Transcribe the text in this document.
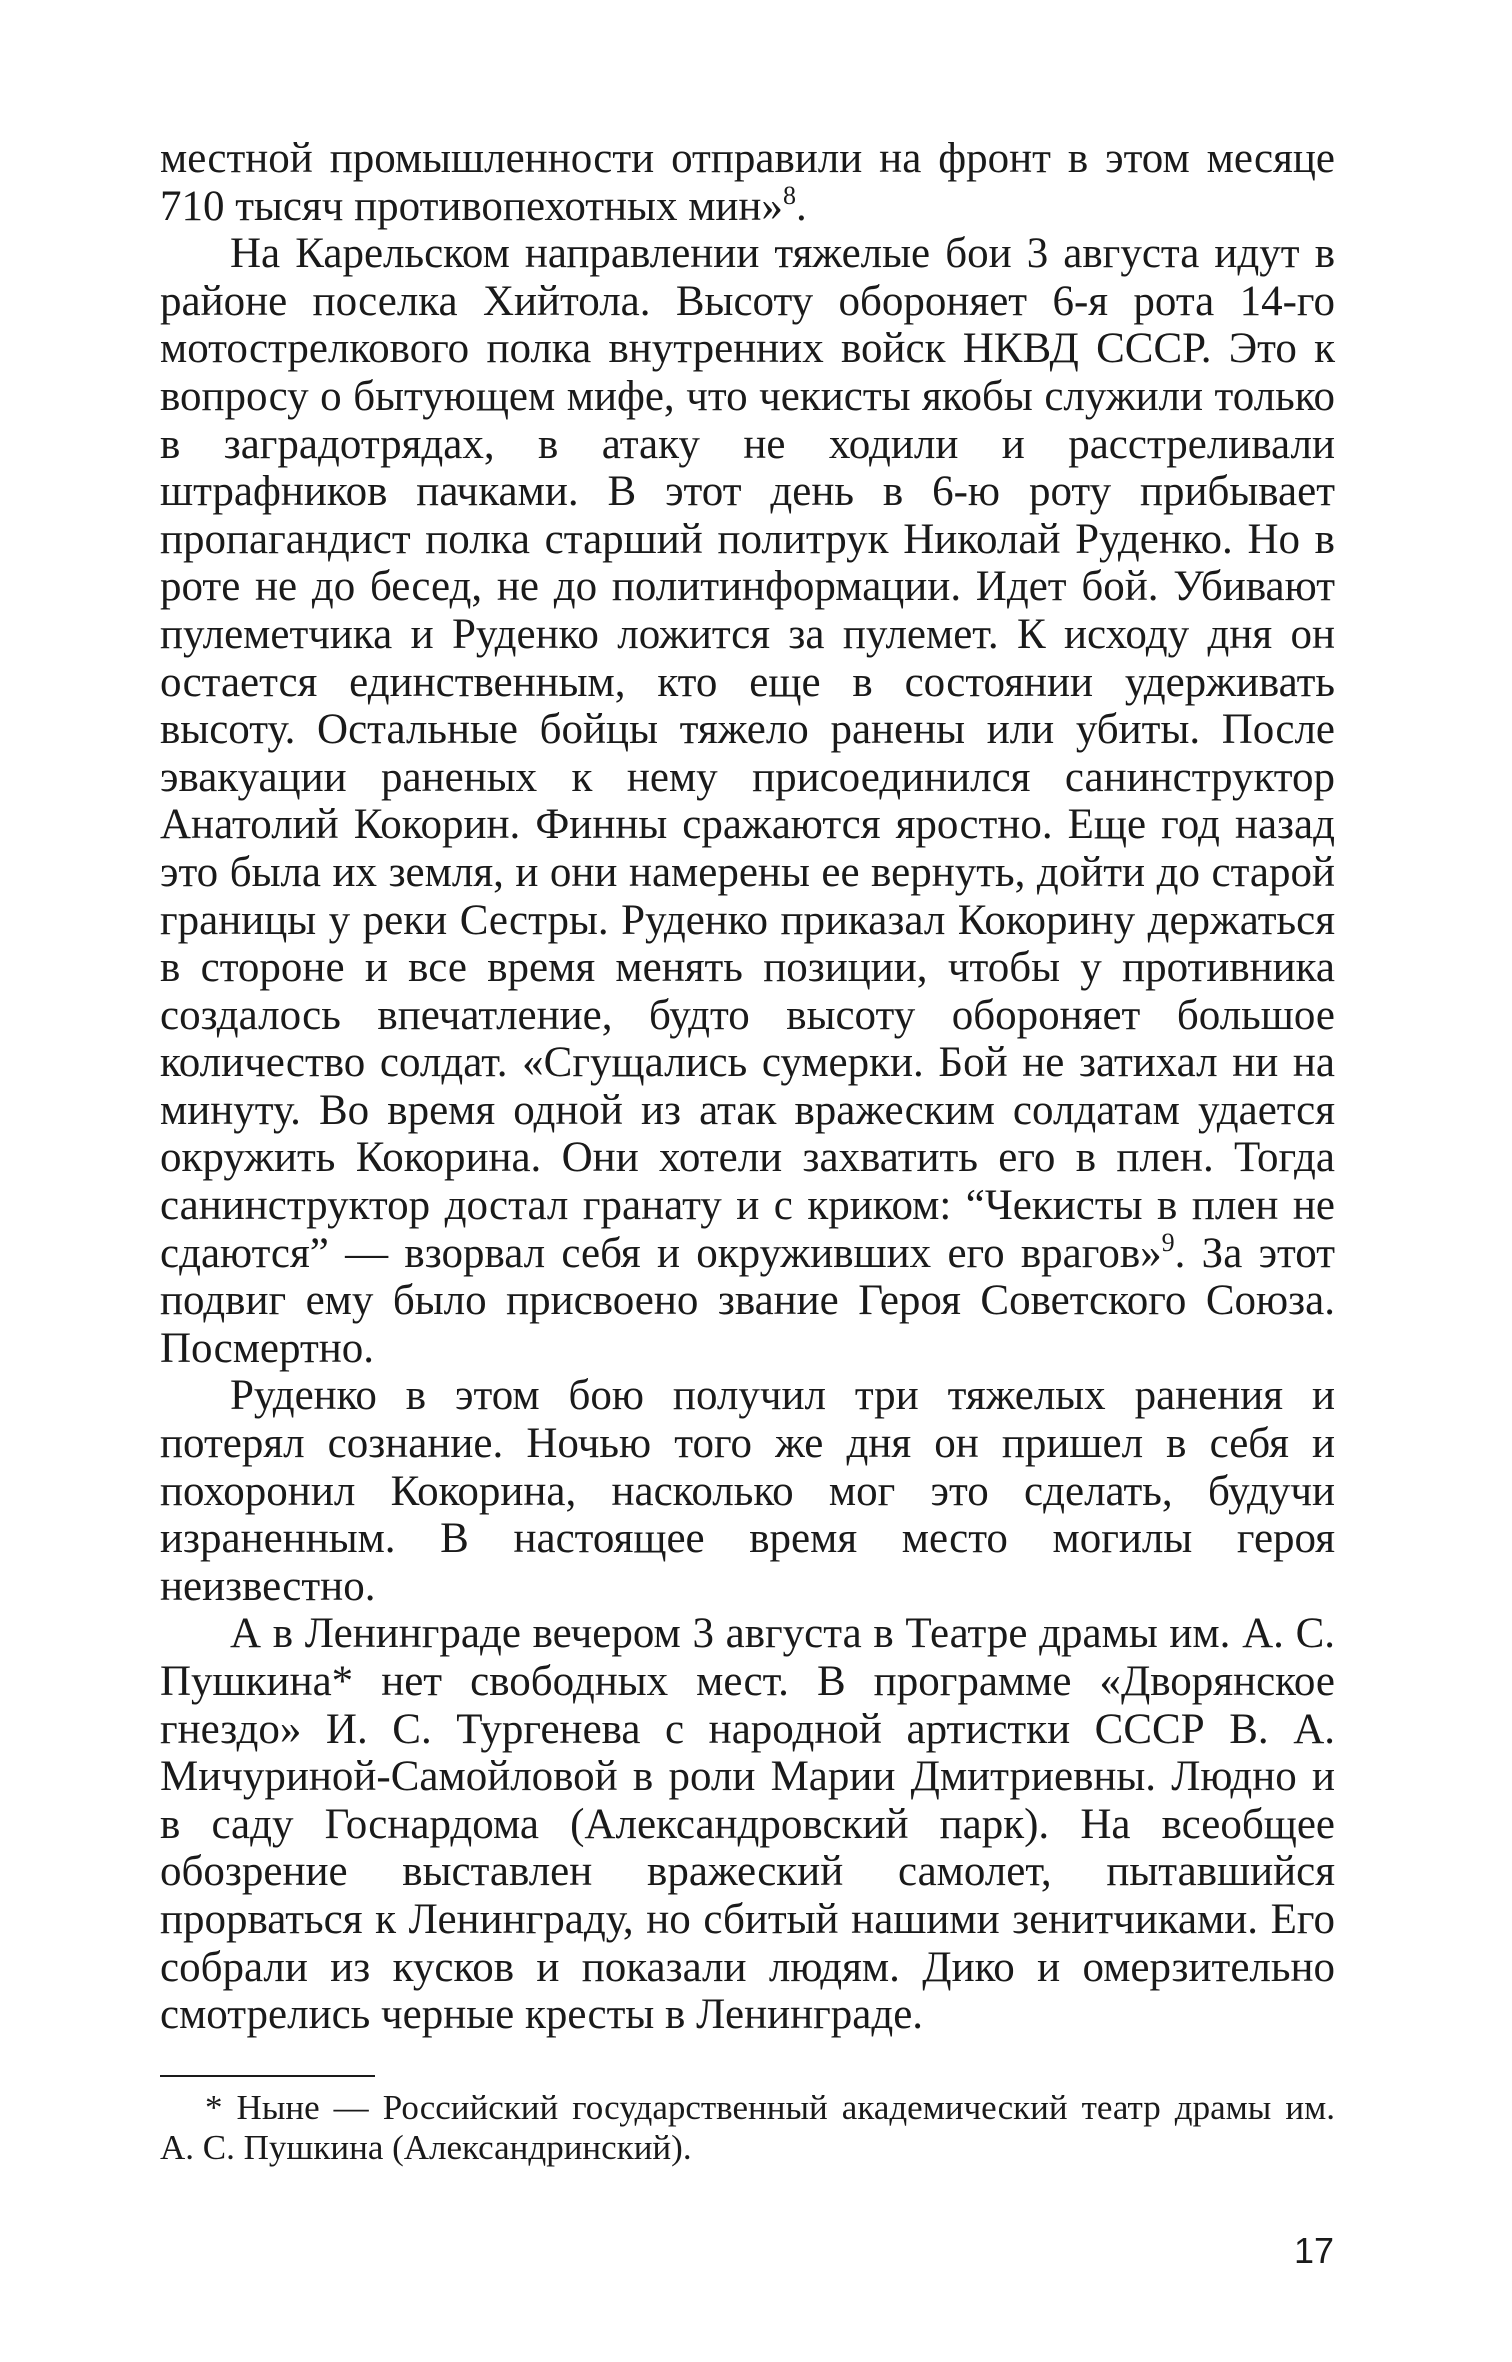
местной промышленности отправили на фронт в этом месяце 710 тысяч противопехотных мин»$^8$.

На Карельском направлении тяжелые бои 3 августа идут в районе поселка Хийтола. Высоту обороняет 6-я рота 14-го мотострелкового полка внутренних войск НКВД СССР. Это к вопросу о бытующем мифе, что чекисты якобы служили только в заградотрядах, в атаку не ходили и расстреливали штрафников пачками. В этот день в 6-ю роту прибывает пропагандист полка старший политрук Николай Руденко. Но в роте не до бесед, не до политинформации. Идет бой. Убивают пулеметчика и Руденко ложится за пулемет. К исходу дня он остается единственным, кто еще в состоянии удерживать высоту. Остальные бойцы тяжело ранены или убиты. После эвакуации раненых к нему присоединился санинструктор Анатолий Кокорин. Финны сражаются яростно. Еще год назад это была их земля, и они намерены ее вернуть, дойти до старой границы у реки Сестры. Руденко приказал Кокорину держаться в стороне и все время менять позиции, чтобы у противника создалось впечатление, будто высоту обороняет большое количество солдат. «Сгущались сумерки. Бой не затихал ни на минуту. Во время одной из атак вражеским солдатам удается окружить Кокорина. Они хотели захватить его в плен. Тогда санинструктор достал гранату и с криком: “Чекисты в плен не сдаются” — взорвал себя и окруживших его врагов»$^9$. За этот подвиг ему было присвоено звание Героя Советского Союза. Посмертно.

Руденко в этом бою получил три тяжелых ранения и потерял сознание. Ночью того же дня он пришел в себя и похоронил Кокорина, насколько мог это сделать, будучи израненным. В настоящее время место могилы героя неизвестно.

А в Ленинграде вечером 3 августа в Театре драмы им. А. С. Пушкина* нет свободных мест. В программе «Дворянское гнездо» И. С. Тургенева с народной артистки СССР В. А. Мичуриной-Самойловой в роли Марии Дмитриевны. Людно и в саду Госнардома (Александровский парк). На всеобщее обозрение выставлен вражеский самолет, пытавшийся прорваться к Ленинграду, но сбитый нашими зенитчиками. Его собрали из кусков и показали людям. Дико и омерзительно смотрелись черные кресты в Ленинграде.

* Ныне — Российский государственный академический театр драмы им. А. С. Пушкина (Александринский).

17
